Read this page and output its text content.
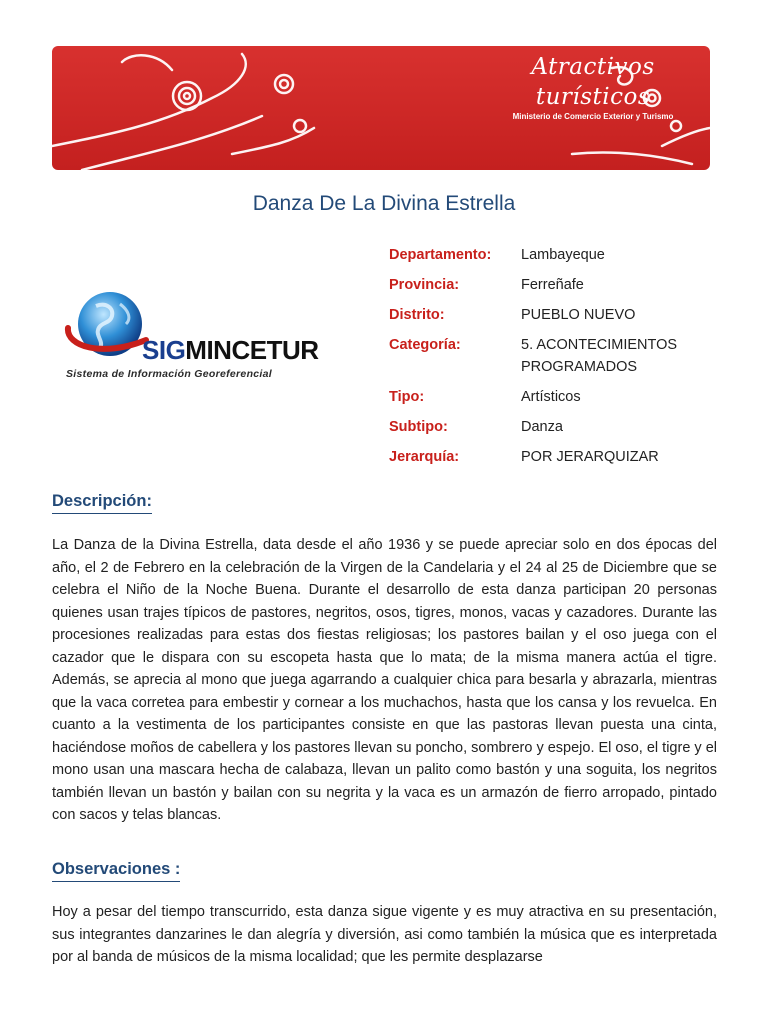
Atractivos turísticos
Ministerio de Comercio Exterior y Turismo
Danza De La Divina Estrella
SIGMINCETUR
Sistema de Información Georeferencial
Departamento:	Lambayeque
Provincia:	Ferreñafe
Distrito:	PUEBLO NUEVO
Categoría:	5. ACONTECIMIENTOS PROGRAMADOS
Tipo:	Artísticos
Subtipo:	Danza
Jerarquía:	POR JERARQUIZAR
Descripción:
La Danza de la Divina Estrella, data desde el año 1936 y se puede apreciar solo en dos épocas del año, el 2 de Febrero en la celebración de la Virgen de la Candelaria y el 24 al 25 de Diciembre que se celebra el Niño de la Noche Buena. Durante el desarrollo de esta danza participan 20 personas quienes usan trajes típicos de pastores, negritos, osos, tigres, monos, vacas y cazadores. Durante las procesiones realizadas para estas dos fiestas religiosas; los pastores bailan y el oso juega con el cazador que le dispara con su escopeta hasta que lo mata; de la misma manera actúa el tigre. Además, se aprecia al mono que juega agarrando a cualquier chica para besarla y abrazarla, mientras que la vaca corretea para embestir y cornear a los muchachos, hasta que los cansa y los revuelca. En cuanto a la vestimenta de los participantes consiste en que las pastoras llevan puesta una cinta, haciéndose moños de cabellera y los pastores llevan su poncho, sombrero y espejo. El oso, el tigre y el mono usan una mascara hecha de calabaza, llevan un palito como bastón y una soguita, los negritos también llevan un bastón y bailan con su negrita y la vaca es un armazón de fierro arropado, pintado con sacos y telas blancas.
Observaciones :
Hoy a pesar del tiempo transcurrido, esta danza sigue vigente y es muy atractiva en su presentación, sus integrantes danzarines le dan alegría y diversión, asi como también la música que es interpretada por al banda de músicos de la misma localidad; que les permite desplazarse
